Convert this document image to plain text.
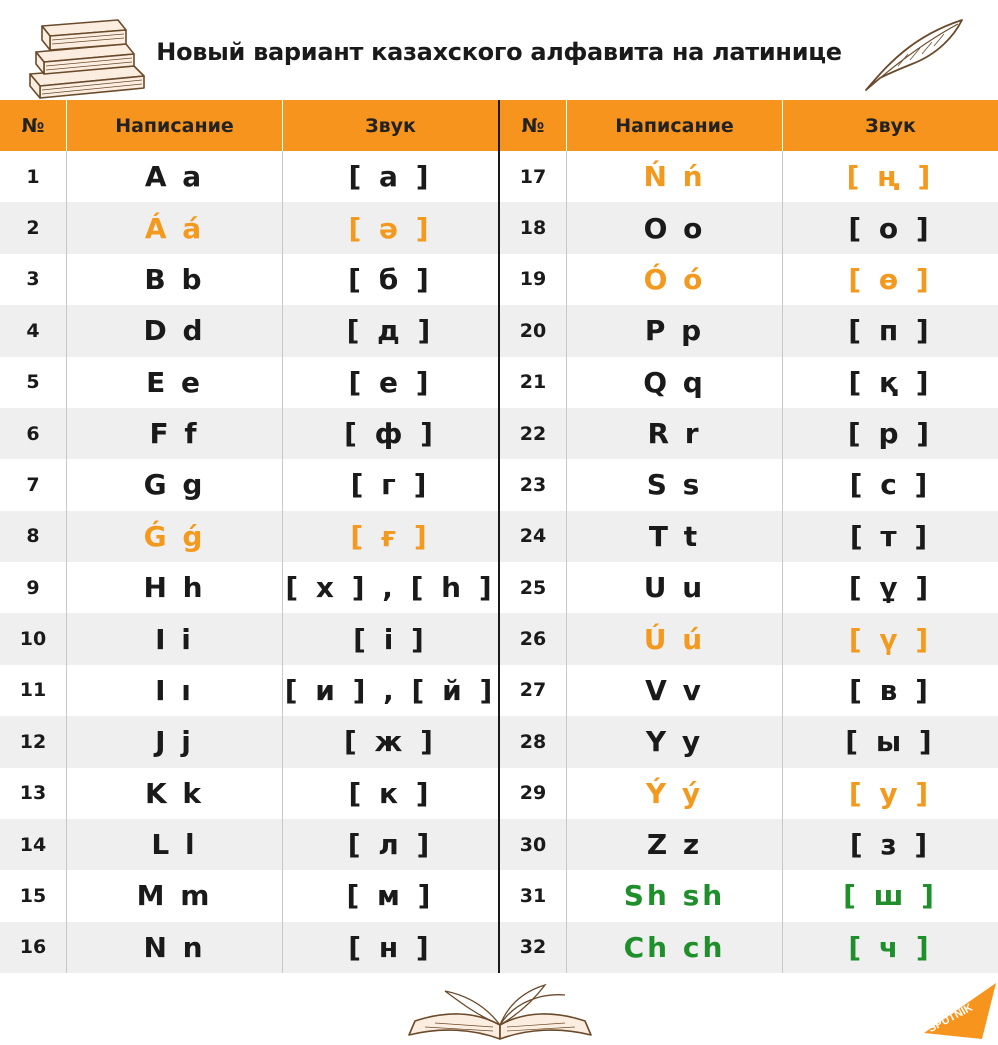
Новый вариант казахского алфавита на латинице
№	Написание	Звук
1	A a	[ а ]
2	Á á	[ ә ]
3	B b	[ б ]
4	D d	[ д ]
5	E e	[ е ]
6	F f	[ ф ]
7	G g	[ г ]
8	Ǵ ǵ	[ ғ ]
9	H h	[ х ] , [ h ]
10	I i	[ і ]
11	I ı	[ и ] , [ й ]
12	J j	[ ж ]
13	K k	[ к ]
14	L l	[ л ]
15	M m	[ м ]
16	N n	[ н ]
№	Написание	Звук
17	Ń ń	[ ң ]
18	O o	[ о ]
19	Ó ó	[ ө ]
20	P p	[ п ]
21	Q q	[ қ ]
22	R r	[ р ]
23	S s	[ с ]
24	T t	[ т ]
25	U u	[ ұ ]
26	Ú ú	[ ү ]
27	V v	[ в ]
28	Y y	[ ы ]
29	Ý ý	[ у ]
30	Z z	[ з ]
31	Sh sh	[ ш ]
32	Ch ch	[ ч ]
SPUTNIK
